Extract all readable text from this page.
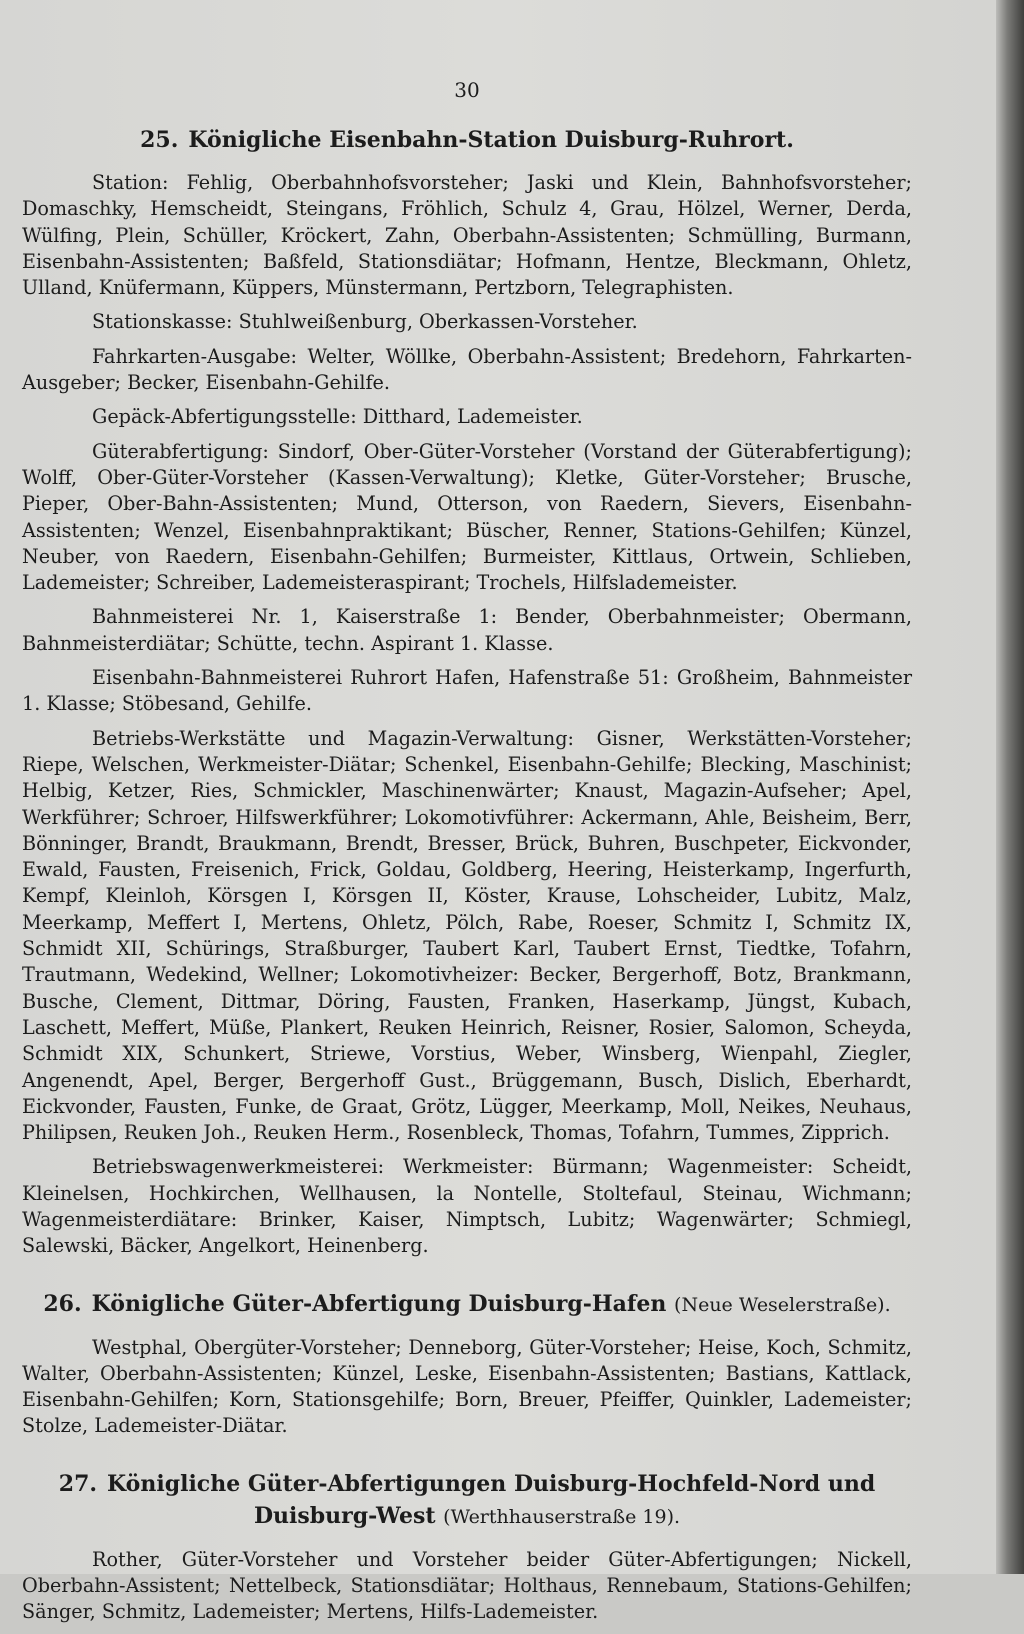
30
25. Königliche Eisenbahn-Station Duisburg-Ruhrort.

Station: Fehlig, Oberbahnhofsvorsteher; Jaski und Klein, Bahnhofsvorsteher; Domaschky, Hemscheidt, Steingans, Fröhlich, Schulz 4, Grau, Hölzel, Werner, Derda, Wülfing, Plein, Schüller, Kröckert, Zahn, Oberbahn-Assistenten; Schmülling, Burmann, Eisenbahn-Assistenten; Baßfeld, Stationsdiätar; Hofmann, Hentze, Bleckmann, Ohletz, Ulland, Knüfermann, Küppers, Münstermann, Pertzborn, Telegraphisten.

Stationskasse: Stuhlweißenburg, Oberkassen-Vorsteher.

Fahrkarten-Ausgabe: Welter, Wöllke, Oberbahn-Assistent; Bredehorn, Fahrkarten-Ausgeber; Becker, Eisenbahn-Gehilfe.

Gepäck-Abfertigungsstelle: Ditthard, Lademeister.

Güterabfertigung: Sindorf, Ober-Güter-Vorsteher (Vorstand der Güterabfertigung); Wolff, Ober-Güter-Vorsteher (Kassen-Verwaltung); Kletke, Güter-Vorsteher; Brusche, Pieper, Ober-Bahn-Assistenten; Mund, Otterson, von Raedern, Sievers, Eisenbahn-Assistenten; Wenzel, Eisenbahnpraktikant; Büscher, Renner, Stations-Gehilfen; Künzel, Neuber, von Raedern, Eisenbahn-Gehilfen; Burmeister, Kittlaus, Ortwein, Schlieben, Lademeister; Schreiber, Lademeisteraspirant; Trochels, Hilfslademeister.

Bahnmeisterei Nr. 1, Kaiserstraße 1: Bender, Oberbahnmeister; Obermann, Bahnmeisterdiätar; Schütte, techn. Aspirant 1. Klasse.

Eisenbahn-Bahnmeisterei Ruhrort Hafen, Hafenstraße 51: Großheim, Bahnmeister 1. Klasse; Stöbesand, Gehilfe.

Betriebs-Werkstätte und Magazin-Verwaltung: Gisner, Werkstätten-Vorsteher; Riepe, Welschen, Werkmeister-Diätar; Schenkel, Eisenbahn-Gehilfe; Blecking, Maschinist; Helbig, Ketzer, Ries, Schmickler, Maschinenwärter; Knaust, Magazin-Aufseher; Apel, Werkführer; Schroer, Hilfswerkführer; Lokomotivführer: Ackermann, Ahle, Beisheim, Berr, Bönninger, Brandt, Braukmann, Brendt, Bresser, Brück, Buhren, Buschpeter, Eickvonder, Ewald, Fausten, Freisenich, Frick, Goldau, Goldberg, Heering, Heisterkamp, Ingerfurth, Kempf, Kleinloh, Körsgen I, Körsgen II, Köster, Krause, Lohscheider, Lubitz, Malz, Meerkamp, Meffert I, Mertens, Ohletz, Pölch, Rabe, Roeser, Schmitz I, Schmitz IX, Schmidt XII, Schürings, Straßburger, Taubert Karl, Taubert Ernst, Tiedtke, Tofahrn, Trautmann, Wedekind, Wellner; Lokomotivheizer: Becker, Bergerhoff, Botz, Brankmann, Busche, Clement, Dittmar, Döring, Fausten, Franken, Haserkamp, Jüngst, Kubach, Laschett, Meffert, Müße, Plankert, Reuken Heinrich, Reisner, Rosier, Salomon, Scheyda, Schmidt XIX, Schunkert, Striewe, Vorstius, Weber, Winsberg, Wienpahl, Ziegler, Angenendt, Apel, Berger, Bergerhoff Gust., Brüggemann, Busch, Dislich, Eberhardt, Eickvonder, Fausten, Funke, de Graat, Grötz, Lügger, Meerkamp, Moll, Neikes, Neuhaus, Philipsen, Reuken Joh., Reuken Herm., Rosenbleck, Thomas, Tofahrn, Tummes, Zipprich.

Betriebswagenwerkmeisterei: Werkmeister: Bürmann; Wagenmeister: Scheidt, Kleinelsen, Hochkirchen, Wellhausen, la Nontelle, Stoltefaul, Steinau, Wichmann; Wagenmeisterdiätare: Brinker, Kaiser, Nimptsch, Lubitz; Wagenwärter; Schmiegl, Salewski, Bäcker, Angelkort, Heinenberg.

26. Königliche Güter-Abfertigung Duisburg-Hafen (Neue Weselerstraße).

Westphal, Obergüter-Vorsteher; Denneborg, Güter-Vorsteher; Heise, Koch, Schmitz, Walter, Oberbahn-Assistenten; Künzel, Leske, Eisenbahn-Assistenten; Bastians, Kattlack, Eisenbahn-Gehilfen; Korn, Stationsgehilfe; Born, Breuer, Pfeiffer, Quinkler, Lademeister; Stolze, Lademeister-Diätar.

27. Königliche Güter-Abfertigungen Duisburg-Hochfeld-Nord und Duisburg-West (Werthhauserstraße 19).

Rother, Güter-Vorsteher und Vorsteher beider Güter-Abfertigungen; Nickell, Oberbahn-Assistent; Nettelbeck, Stationsdiätar; Holthaus, Rennebaum, Stations-Gehilfen; Sänger, Schmitz, Lademeister; Mertens, Hilfs-Lademeister.
